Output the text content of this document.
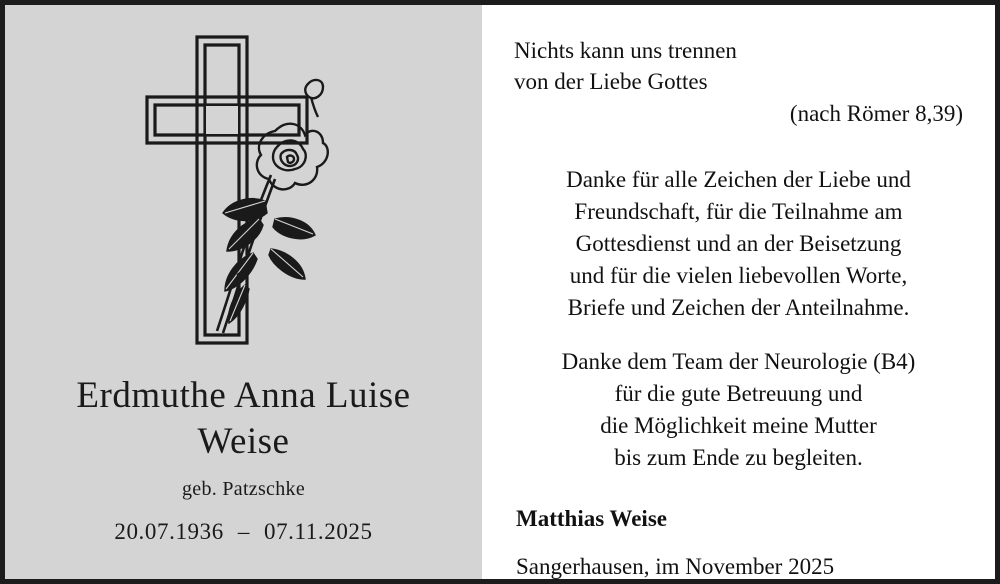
Erdmuthe Anna Luise
Weise
geb. Patzschke
20.07.1936 – 07.11.2025
Nichts kann uns trennen
von der Liebe Gottes
(nach Römer 8,39)
Danke für alle Zeichen der Liebe und
Freundschaft, für die Teilnahme am
Gottesdienst und an der Beisetzung
und für die vielen liebevollen Worte,
Briefe und Zeichen der Anteilnahme.
Danke dem Team der Neurologie (B4)
für die gute Betreuung und
die Möglichkeit meine Mutter
bis zum Ende zu begleiten.
Matthias Weise
Sangerhausen, im November 2025
